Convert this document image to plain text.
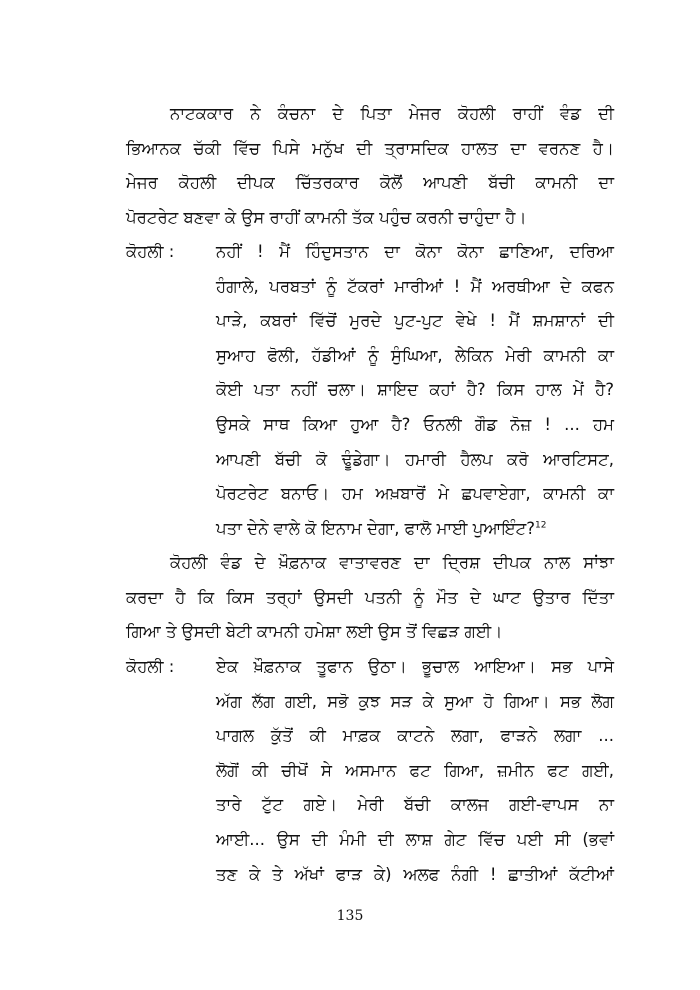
ਨਾਟਕਕਾਰ ਨੇ ਕੰਚਨਾ ਦੇ ਪਿਤਾ ਮੇਜਰ ਕੋਹਲੀ ਰਾਹੀਂ ਵੰਡ ਦੀ
ਭਿਆਨਕ ਚੱਕੀ ਵਿੱਚ ਪਿਸੇ ਮਨੁੱਖ ਦੀ ਤ੍ਰਾਸਦਿਕ ਹਾਲਤ ਦਾ ਵਰਨਣ ਹੈ।
ਮੇਜਰ ਕੋਹਲੀ ਦੀਪਕ ਚਿੱਤਰਕਾਰ ਕੋਲੋਂ ਆਪਣੀ ਬੱਚੀ ਕਾਮਨੀ ਦਾ
ਪੋਰਟਰੇਟ ਬਣਵਾ ਕੇ ਉਸ ਰਾਹੀਂ ਕਾਮਨੀ ਤੱਕ ਪਹੁੰਚ ਕਰਨੀ ਚਾਹੁੰਦਾ ਹੈ।
ਕੋਹਲੀ :	ਨਹੀਂ ! ਮੈਂ ਹਿੰਦੁਸਤਾਨ ਦਾ ਕੋਨਾ ਕੋਨਾ ਛਾਣਿਆ, ਦਰਿਆ
ਹੰਗਾਲੇ, ਪਰਬਤਾਂ ਨੂੰ ਟੱਕਰਾਂ ਮਾਰੀਆਂ ! ਮੈਂ ਅਰਥੀਆ ਦੇ ਕਫਨ
ਪਾੜੇ, ਕਬਰਾਂ ਵਿੱਚੋਂ ਮੁਰਦੇ ਪੁਟ-ਪੁਟ ਵੇਖੇ ! ਮੈਂ ਸ਼ਮਸ਼ਾਨਾਂ ਦੀ
ਸੁਆਹ ਫੋਲੀ, ਹੱਡੀਆਂ ਨੂੰ ਸੁੰਘਿਆ, ਲੇਕਿਨ ਮੇਰੀ ਕਾਮਨੀ ਕਾ
ਕੋਈ ਪਤਾ ਨਹੀਂ ਚਲਾ। ਸ਼ਾਇਦ ਕਹਾਂ ਹੈ? ਕਿਸ ਹਾਲ ਮੇਂ ਹੈ?
ਉਸਕੇ ਸਾਥ ਕਿਆ ਹੁਆ ਹੈ? ਓਨਲੀ ਗੌਡ ਨੋਜ਼ ! ... ਹਮ
ਆਪਣੀ ਬੱਚੀ ਕੋ ਢੂੰਡੇਗਾ। ਹਮਾਰੀ ਹੈਲਪ ਕਰੋ ਆਰਟਿਸਟ,
ਪੋਰਟਰੇਟ ਬਨਾਓ। ਹਮ ਅਖ਼ਬਾਰੋਂ ਮੇ ਛਪਵਾਏਗਾ, ਕਾਮਨੀ ਕਾ
ਪਤਾ ਦੇਨੇ ਵਾਲੇ ਕੋ ਇਨਾਮ ਦੇਗਾ, ਫਾਲੋ ਮਾਈ ਪੁਆਇੰਟ?$^{12}$
ਕੋਹਲੀ ਵੰਡ ਦੇ ਖ਼ੌਫ਼ਨਾਕ ਵਾਤਾਵਰਣ ਦਾ ਦ੍ਰਿਸ਼ ਦੀਪਕ ਨਾਲ ਸਾਂਝਾ
ਕਰਦਾ ਹੈ ਕਿ ਕਿਸ ਤਰ੍ਹਾਂ ਉਸਦੀ ਪਤਨੀ ਨੂੰ ਮੌਤ ਦੇ ਘਾਟ ਉਤਾਰ ਦਿੱਤਾ
ਗਿਆ ਤੇ ਉਸਦੀ ਬੇਟੀ ਕਾਮਨੀ ਹਮੇਸ਼ਾ ਲਈ ਉਸ ਤੋਂ ਵਿਛੜ ਗਈ।
ਕੋਹਲੀ :	ਏਕ ਖ਼ੌਫ਼ਨਾਕ ਤੂਫਾਨ ਉਠਾ। ਭੂਚਾਲ ਆਇਆ। ਸਭ ਪਾਸੇ
ਅੱਗ ਲੱਗ ਗਈ, ਸਭੋ ਕੁਝ ਸੜ ਕੇ ਸੁਆ ਹੋ ਗਿਆ। ਸਭ ਲੋਗ
ਪਾਗਲ ਕੁੱਤੋਂ ਕੀ ਮਾਫ਼ਕ ਕਾਟਨੇ ਲਗਾ, ਫਾੜਨੇ ਲਗਾ ...
ਲੋਗੋਂ ਕੀ ਚੀਖੋਂ ਸੇ ਅਸਮਾਨ ਫਟ ਗਿਆ, ਜ਼ਮੀਨ ਫਟ ਗਈ,
ਤਾਰੇ ਟੁੱਟ ਗਏ। ਮੇਰੀ ਬੱਚੀ ਕਾਲਜ ਗਈ-ਵਾਪਸ ਨਾ
ਆਈ... ਉਸ ਦੀ ਮੰਮੀ ਦੀ ਲਾਸ਼ ਗੇਟ ਵਿੱਚ ਪਈ ਸੀ (ਭਵਾਂ
ਤਣ ਕੇ ਤੇ ਅੱਖਾਂ ਫਾੜ ਕੇ) ਅਲਫ ਨੰਗੀ ! ਛਾਤੀਆਂ ਕੱਟੀਆਂ
135
